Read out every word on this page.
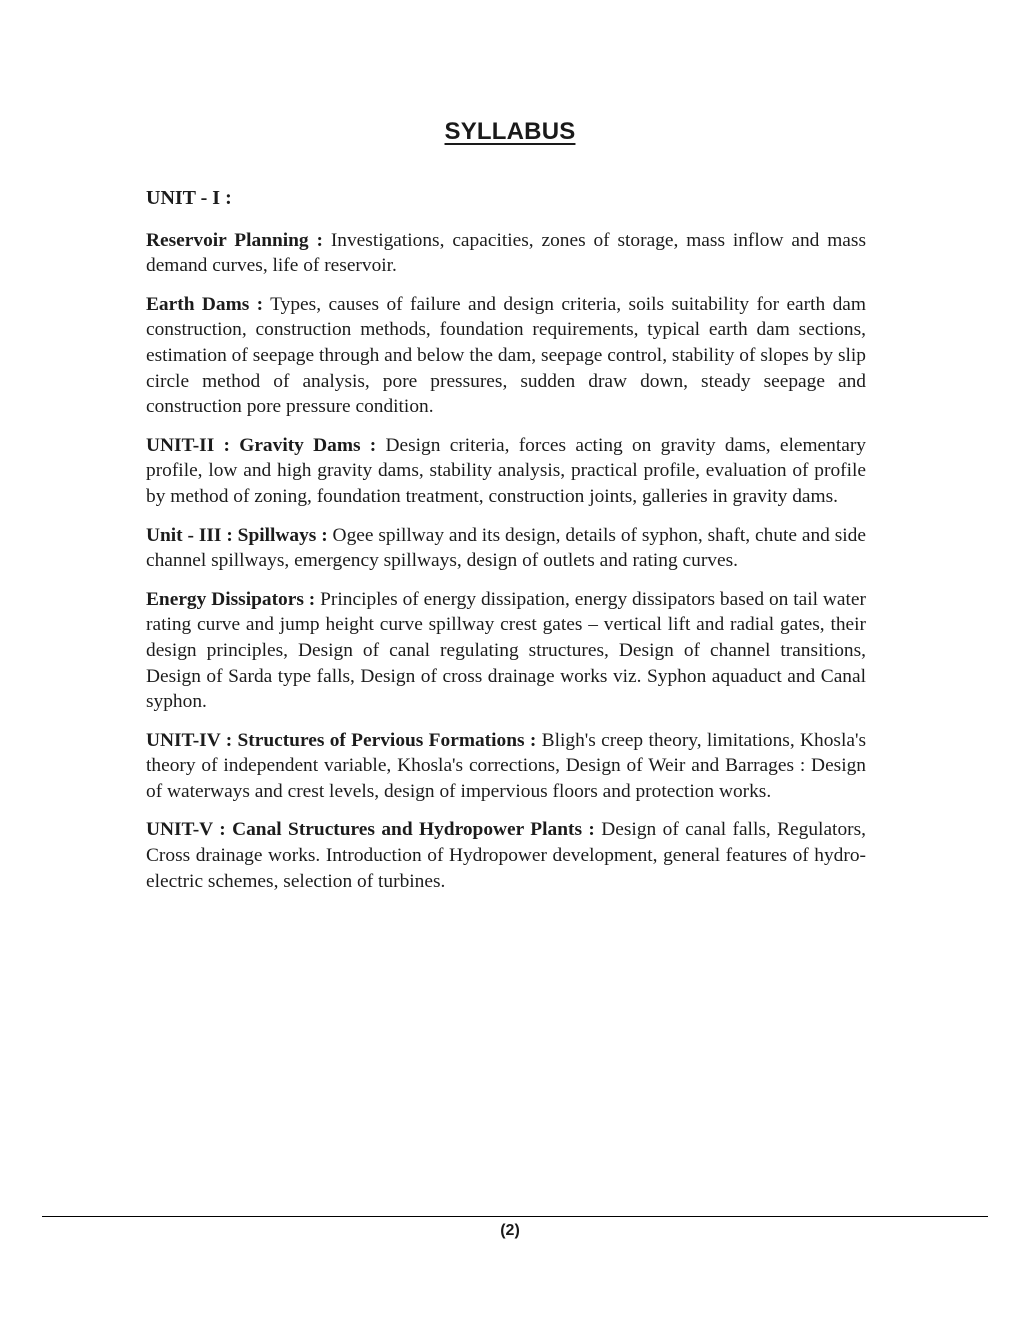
SYLLABUS
UNIT - I :

Reservoir Planning : Investigations, capacities, zones of storage, mass inflow and mass demand curves, life of reservoir.

Earth Dams : Types, causes of failure and design criteria, soils suitability for earth dam construction, construction methods, foundation requirements, typical earth dam sections, estimation of seepage through and below the dam, seepage control, stability of slopes by slip circle method of analysis, pore pressures, sudden draw down, steady seepage and construction pore pressure condition.

UNIT-II : Gravity Dams : Design criteria, forces acting on gravity dams, elementary profile, low and high gravity dams, stability analysis, practical profile, evaluation of profile by method of zoning, foundation treatment, construction joints, galleries in gravity dams.

Unit - III : Spillways : Ogee spillway and its design, details of syphon, shaft, chute and side channel spillways, emergency spillways, design of outlets and rating curves.

Energy Dissipators : Principles of energy dissipation, energy dissipators based on tail water rating curve and jump height curve spillway crest gates – vertical lift and radial gates, their design principles, Design of canal regulating structures, Design of channel transitions, Design of Sarda type falls, Design of cross drainage works viz. Syphon aquaduct and Canal syphon.

UNIT-IV : Structures of Pervious Formations : Bligh's creep theory, limitations, Khosla's theory of independent variable, Khosla's corrections, Design of Weir and Barrages : Design of waterways and crest levels, design of impervious floors and protection works.

UNIT-V : Canal Structures and Hydropower Plants : Design of canal falls, Regulators, Cross drainage works. Introduction of Hydropower development, general features of hydro-electric schemes, selection of turbines.

(2)
